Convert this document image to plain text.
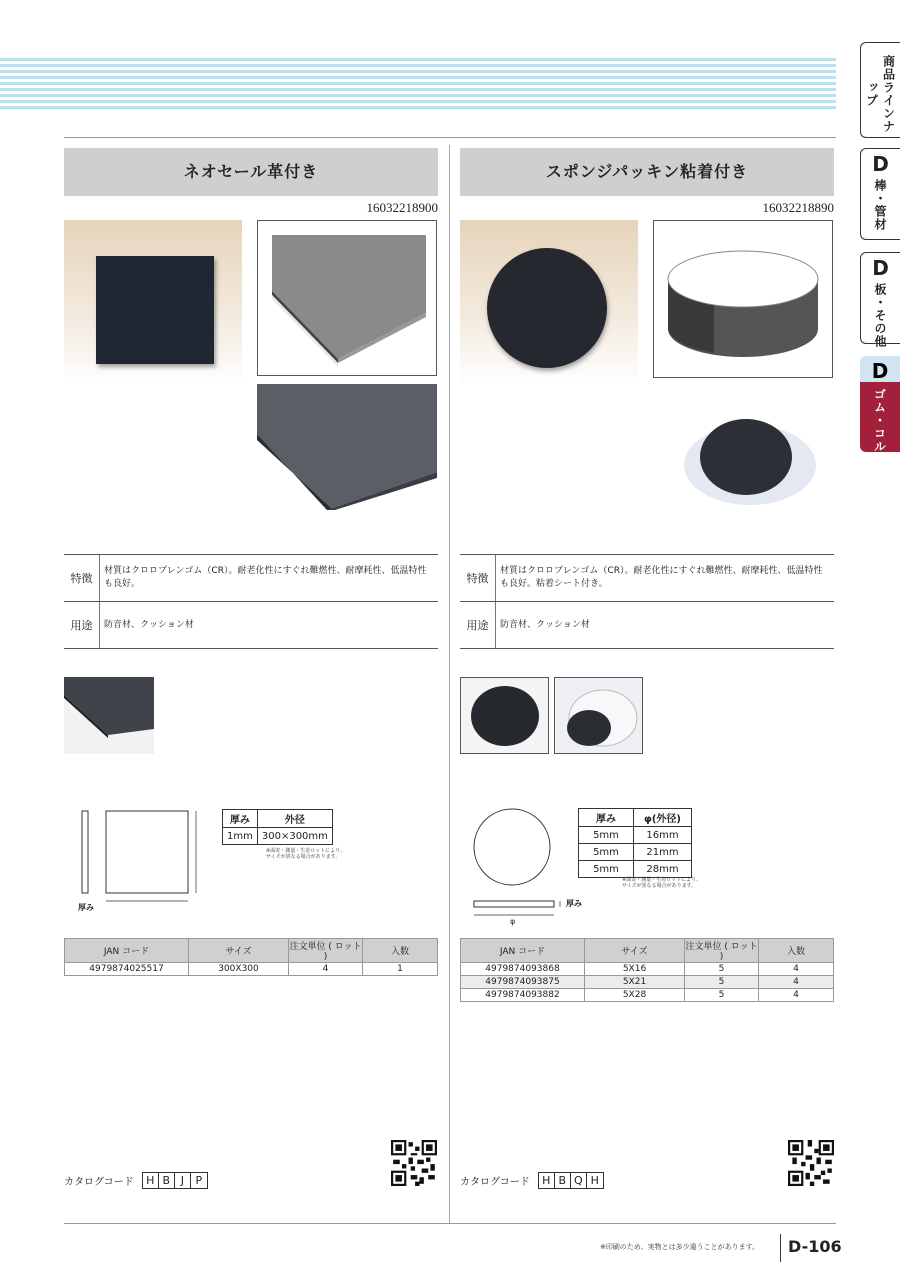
商品ラインナップ
D
棒・管材
D
板・その他
D
ゴム・コルク
ネオセール革付き
16032218900
特徴
材質はクロロプレンゴム（CR）。耐老化性にすぐれ難燃性、耐摩耗性、低温特性も良好。
用途	防音材、クッション材
厚み
厚み	外径
1mm	300×300mm
※面寄・測量・生産ロットにより、
サイズが異なる場合があります。
JAN コード	サイズ	注文単位 ( ロット )	入数
4979874025517	300X300	4	1
カタログコード	H B J	P
スポンジパッキン粘着付き
16032218890
特徴
材質はクロロプレンゴム（CR）。耐老化性にすぐれ難燃性、耐摩耗性、低温特性も良好。粘着シート付き。
用途	防音材、クッション材
厚み
φ
厚み	φ(外径)
5mm	16mm
5mm	21mm
5mm	28mm
※面寄・測量・生産ロットにより、
サイズが異なる場合があります。
JAN コード	サイズ	注文単位 ( ロット )	入数
4979874093868	5X16	5	4
4979874093875	5X21	5	4
4979874093882	5X28	5	4
カタログコード	H B Q H
※印刷のため、実物とは多少違うことがあります。 D-106
